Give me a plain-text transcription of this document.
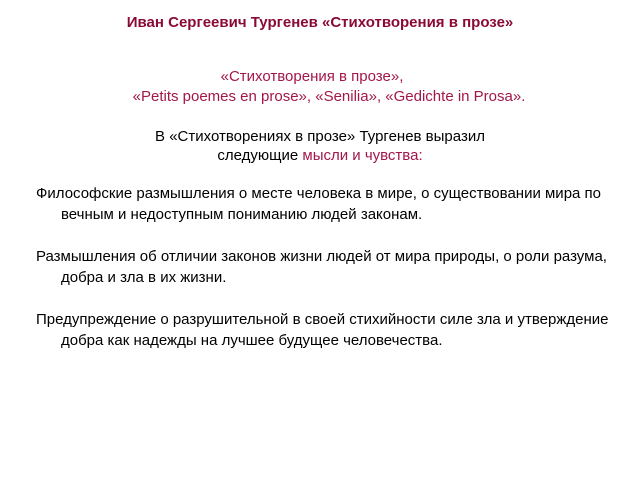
Иван Сергеевич Тургенев «Стихотворения в прозе»
«Стихотворения в прозе»,
«Petits poemes en prose», «Senilia», «Gedichte in Prosa».
В «Стихотворениях в прозе» Тургенев выразил
следующие мысли и чувства:
Философские размышления о месте человека в мире, о существовании мира по вечным и недоступным пониманию людей законам.
Размышления об отличии законов жизни людей от мира природы, о роли разума, добра и зла в их жизни.
Предупреждение о разрушительной в своей стихийности силе зла и утверждение добра как надежды на лучшее будущее человечества.
